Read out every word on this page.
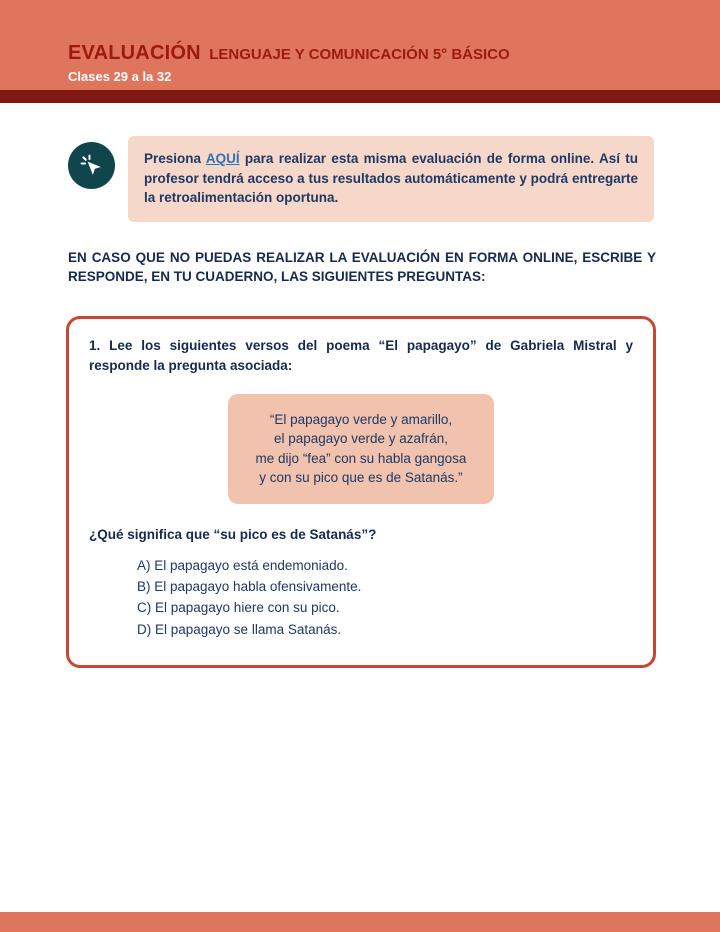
EVALUACIÓN LENGUAJE Y COMUNICACIÓN 5° BÁSICO
Clases 29 a la 32
Presiona AQUÍ para realizar esta misma evaluación de forma online. Así tu profesor tendrá acceso a tus resultados automáticamente y podrá entregarte la retroalimentación oportuna.

EN CASO QUE NO PUEDAS REALIZAR LA EVALUACIÓN EN FORMA ONLINE, ESCRIBE Y RESPONDE, EN TU CUADERNO, LAS SIGUIENTES PREGUNTAS:

1. Lee los siguientes versos del poema “El papagayo” de Gabriela Mistral y responde la pregunta asociada:
“El papagayo verde y amarillo,
el papagayo verde y azafrán,
me dijo “fea” con su habla gangosa
y con su pico que es de Satanás.”
¿Qué significa que “su pico es de Satanás”?
A) El papagayo está endemoniado.
B) El papagayo habla ofensivamente.
C) El papagayo hiere con su pico.
D) El papagayo se llama Satanás.
